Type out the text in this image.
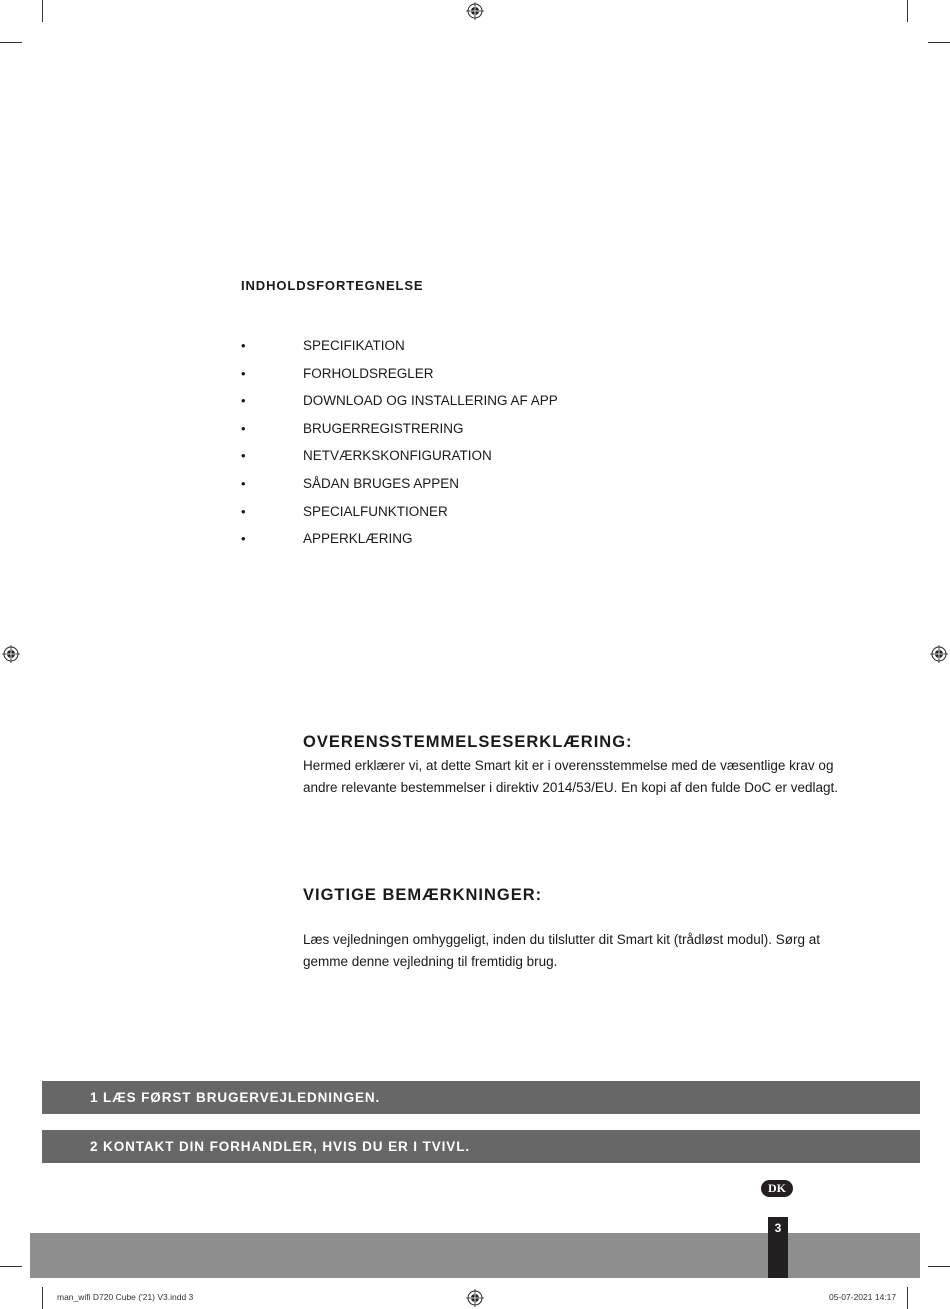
INDHOLDSFORTEGNELSE
•	SPECIFIKATION
•	FORHOLDSREGLER
•	DOWNLOAD OG INSTALLERING AF APP
•	BRUGERREGISTRERING
•	NETVÆRKSKONFIGURATION
•	SÅDAN BRUGES APPEN
•	SPECIALFUNKTIONER
•	APPERKLÆRING
OVERENSSTEMMELSESERKLÆRING:

Hermed erklærer vi, at dette Smart kit er i overensstemmelse med de væsentlige krav og andre relevante bestemmelser i direktiv 2014/53/EU. En kopi af den fulde DoC er vedlagt.

VIGTIGE BEMÆRKNINGER:

Læs vejledningen omhyggeligt, inden du tilslutter dit Smart kit (trådløst modul). Sørg at gemme denne vejledning til fremtidig brug.

1 LÆS FØRST BRUGERVEJLEDNINGEN.
2 KONTAKT DIN FORHANDLER, HVIS DU ER I TVIVL.
DK
3
man_wifi D720 Cube ('21) V3.indd 3	05-07-2021 14:17
